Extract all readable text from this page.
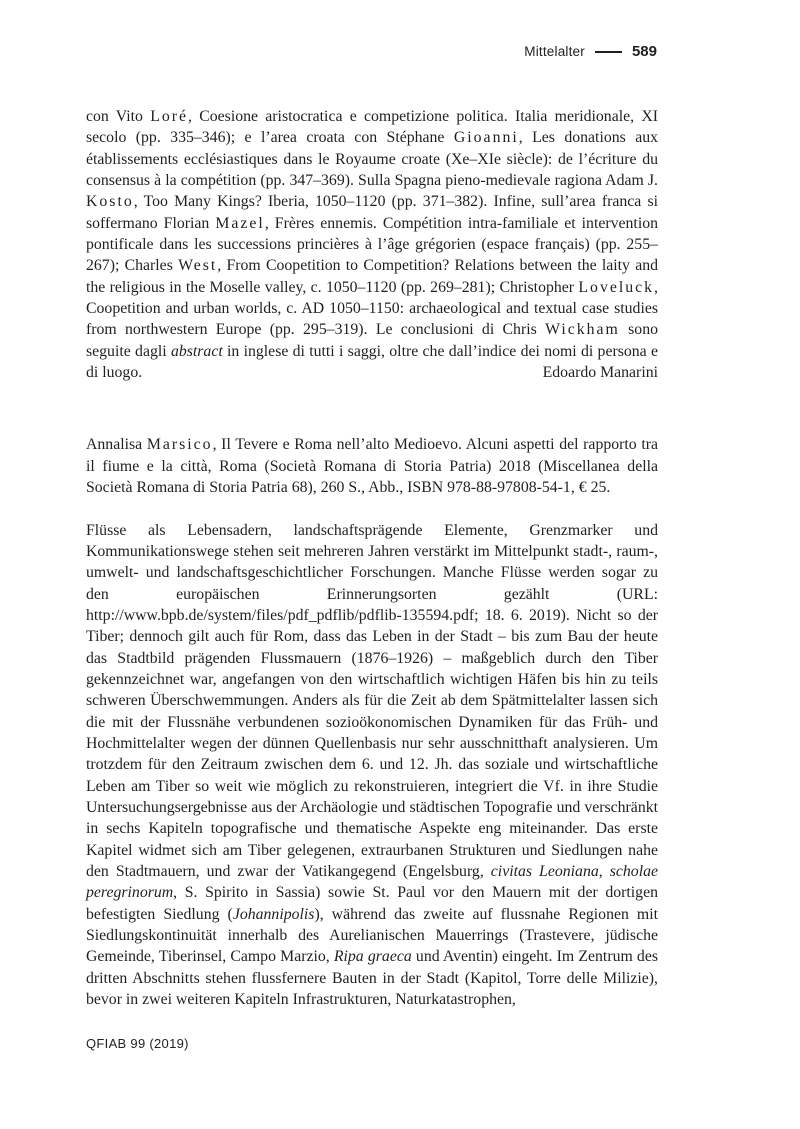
Mittelalter	589

con Vito Loré, Coesione aristocratica e competizione politica. Italia meridionale, XI secolo (pp. 335–346); e l’area croata con Stéphane Gioanni, Les donations aux établissements ecclésiastiques dans le Royaume croate (Xe–XIe siècle): de l’écriture du consensus à la compétition (pp. 347–369). Sulla Spagna pieno-medievale ragiona Adam J. Kosto, Too Many Kings? Iberia, 1050–1120 (pp. 371–382). Infine, sull’area franca si soffermano Florian Mazel, Frères ennemis. Compétition intra-familiale et intervention pontificale dans les successions princières à l’âge grégorien (espace français) (pp. 255–267); Charles West, From Coopetition to Competition? Relations between the laity and the religious in the Moselle valley, c. 1050–1120 (pp. 269–281); Christopher Loveluck, Coopetition and urban worlds, c. AD 1050–1150: archaeological and textual case studies from northwestern Europe (pp. 295–319). Le conclusioni di Chris Wickham sono seguite dagli abstract in inglese di tutti i saggi, oltre che dall’indice dei nomi di persona e di luogo.	Edoardo Manarini

Annalisa Marsico, Il Tevere e Roma nell’alto Medioevo. Alcuni aspetti del rapporto tra il fiume e la città, Roma (Società Romana di Storia Patria) 2018 (Miscellanea della Società Romana di Storia Patria 68), 260 S., Abb., ISBN 978-88-97808-54-1, € 25.

Flüsse als Lebensadern, landschaftsprägende Elemente, Grenzmarker und Kommunikationswege stehen seit mehreren Jahren verstärkt im Mittelpunkt stadt-, raum-, umwelt- und landschaftsgeschichtlicher Forschungen. Manche Flüsse werden sogar zu den europäischen Erinnerungsorten gezählt (URL: http://www.bpb.de/system/files/pdf_pdflib/pdflib-135594.pdf; 18. 6. 2019). Nicht so der Tiber; dennoch gilt auch für Rom, dass das Leben in der Stadt – bis zum Bau der heute das Stadtbild prägenden Flussmauern (1876–1926) – maßgeblich durch den Tiber gekennzeichnet war, angefangen von den wirtschaftlich wichtigen Häfen bis hin zu teils schweren Überschwemmungen. Anders als für die Zeit ab dem Spätmittelalter lassen sich die mit der Flussnähe verbundenen sozioökonomischen Dynamiken für das Früh- und Hochmittelalter wegen der dünnen Quellenbasis nur sehr ausschnitthaft analysieren. Um trotzdem für den Zeitraum zwischen dem 6. und 12. Jh. das soziale und wirtschaftliche Leben am Tiber so weit wie möglich zu rekonstruieren, integriert die Vf. in ihre Studie Untersuchungsergebnisse aus der Archäologie und städtischen Topografie und verschränkt in sechs Kapiteln topografische und thematische Aspekte eng miteinander. Das erste Kapitel widmet sich am Tiber gelegenen, extraurbanen Strukturen und Siedlungen nahe den Stadtmauern, und zwar der Vatikangegend (Engelsburg, civitas Leoniana, scholae peregrinorum, S. Spirito in Sassia) sowie St. Paul vor den Mauern mit der dortigen befestigten Siedlung (Johannipolis), während das zweite auf flussnahe Regionen mit Siedlungskontinuität innerhalb des Aurelianischen Mauerrings (Trastevere, jüdische Gemeinde, Tiberinsel, Campo Marzio, Ripa graeca und Aventin) eingeht. Im Zentrum des dritten Abschnitts stehen flussfernere Bauten in der Stadt (Kapitol, Torre delle Milizie), bevor in zwei weiteren Kapiteln Infrastrukturen, Naturkatastrophen,

QFIAB 99 (2019)
